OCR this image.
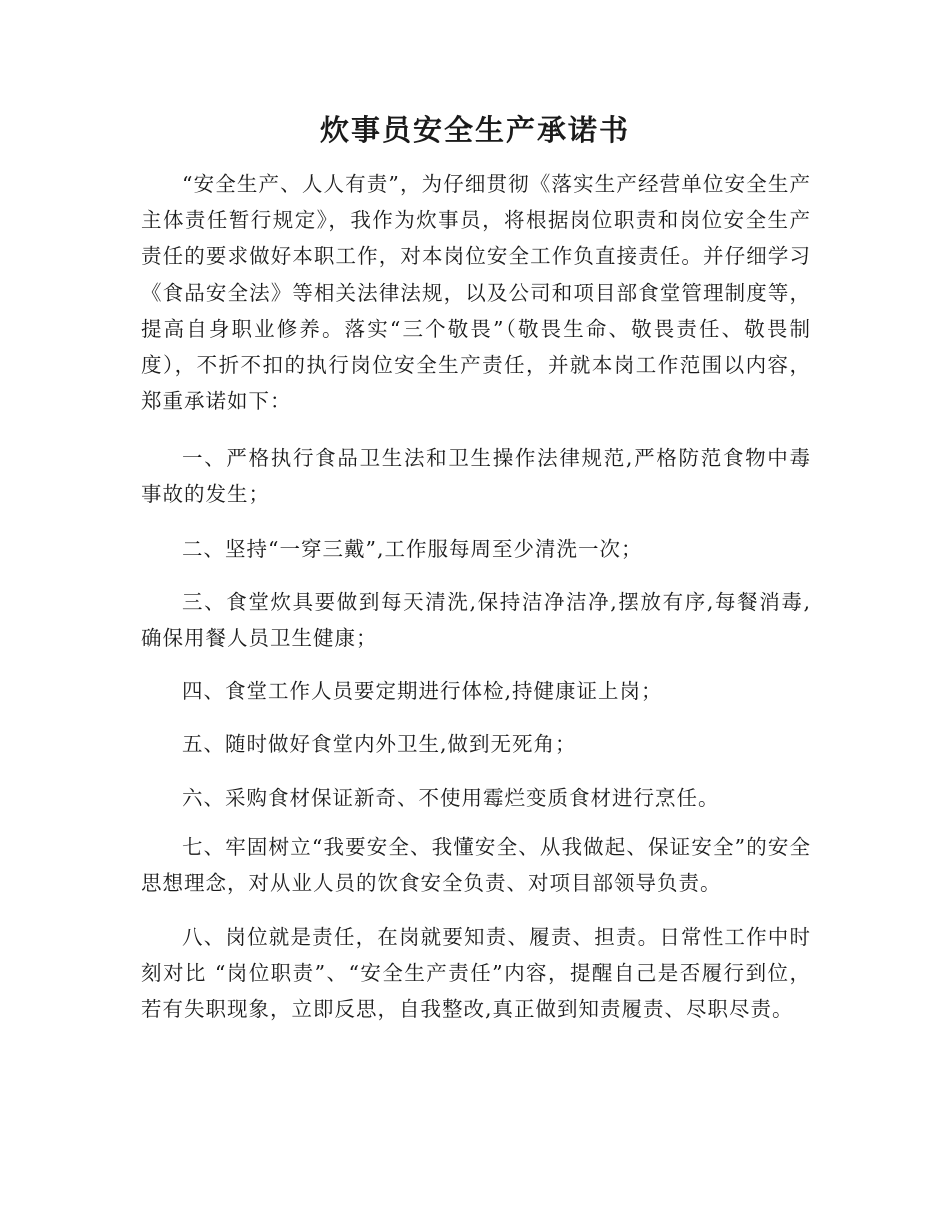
炊事员安全生产承诺书

“安全生产、人人有责”，为仔细贯彻《落实生产经营单位安全生产主体责任暂行规定》，我作为炊事员，将根据岗位职责和岗位安全生产责任的要求做好本职工作，对本岗位安全工作负直接责任。并仔细学习《食品安全法》等相关法律法规，以及公司和项目部食堂管理制度等，提高自身职业修养。落实“三个敬畏”（敬畏生命、敬畏责任、敬畏制度），不折不扣的执行岗位安全生产责任，并就本岗工作范围以内容，郑重承诺如下：

一、严格执行食品卫生法和卫生操作法律规范,严格防范食物中毒事故的发生；

二、坚持“一穿三戴”,工作服每周至少清洗一次；

三、食堂炊具要做到每天清洗,保持洁净洁净,摆放有序,每餐消毒,确保用餐人员卫生健康；

四、食堂工作人员要定期进行体检,持健康证上岗；

五、随时做好食堂内外卫生,做到无死角；

六、采购食材保证新奇、不使用霉烂变质食材进行烹任。

七、牢固树立“我要安全、我懂安全、从我做起、保证安全”的安全思想理念，对从业人员的饮食安全负责、对项目部领导负责。

八、岗位就是责任，在岗就要知责、履责、担责。日常性工作中时刻对比 “岗位职责”、“安全生产责任”内容，提醒自己是否履行到位，若有失职现象，立即反思，自我整改,真正做到知责履责、尽职尽责。
